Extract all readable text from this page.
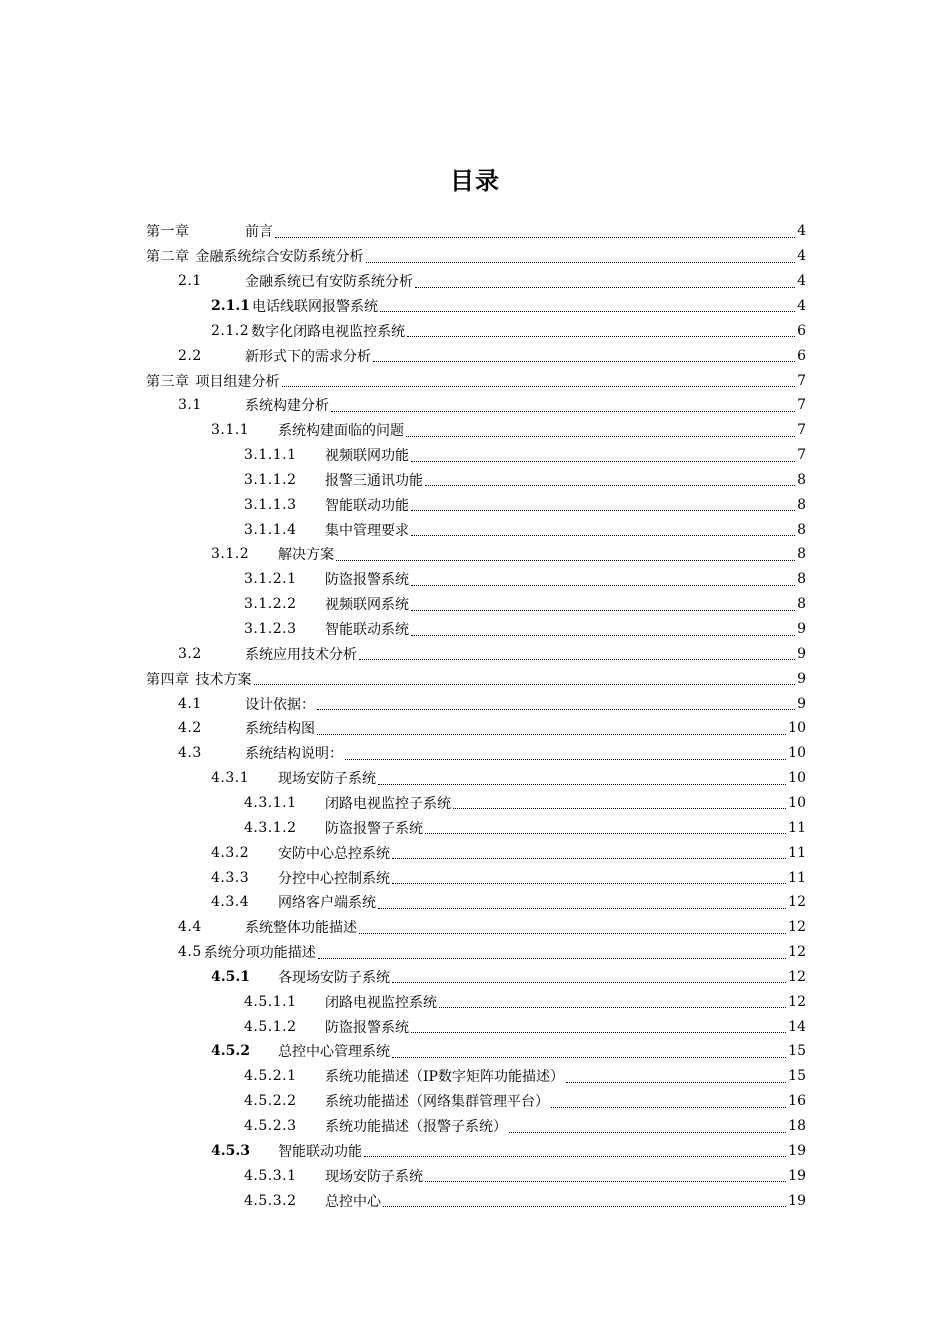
目录
第一章	前言	4
第二章 金融系统综合安防系统分析	4
2.1	金融系统已有安防系统分析	4
2.1.1 电话线联网报警系统	4
2.1.2 数字化闭路电视监控系统	6
2.2	新形式下的需求分析	6
第三章 项目组建分析	7
3.1	系统构建分析	7
3.1.1	系统构建面临的问题	7
3.1.1.1	视频联网功能	7
3.1.1.2	报警三通讯功能	8
3.1.1.3	智能联动功能	8
3.1.1.4	集中管理要求	8
3.1.2	解决方案	8
3.1.2.1	防盗报警系统	8
3.1.2.2	视频联网系统	8
3.1.2.3	智能联动系统	9
3.2	系统应用技术分析	9
第四章 技术方案	9
4.1	设计依据：	9
4.2	系统结构图	10
4.3	系统结构说明：	10
4.3.1	现场安防子系统	10
4.3.1.1	闭路电视监控子系统	10
4.3.1.2	防盗报警子系统	11
4.3.2	安防中心总控系统	11
4.3.3	分控中心控制系统	11
4.3.4	网络客户端系统	12
4.4	系统整体功能描述	12
4.5 系统分项功能描述	12
4.5.1	各现场安防子系统	12
4.5.1.1	闭路电视监控系统	12
4.5.1.2	防盗报警系统	14
4.5.2	总控中心管理系统	15
4.5.2.1	系统功能描述（IP数字矩阵功能描述）	15
4.5.2.2	系统功能描述（网络集群管理平台）	16
4.5.2.3	系统功能描述（报警子系统）	18
4.5.3	智能联动功能	19
4.5.3.1	现场安防子系统	19
4.5.3.2	总控中心	19
